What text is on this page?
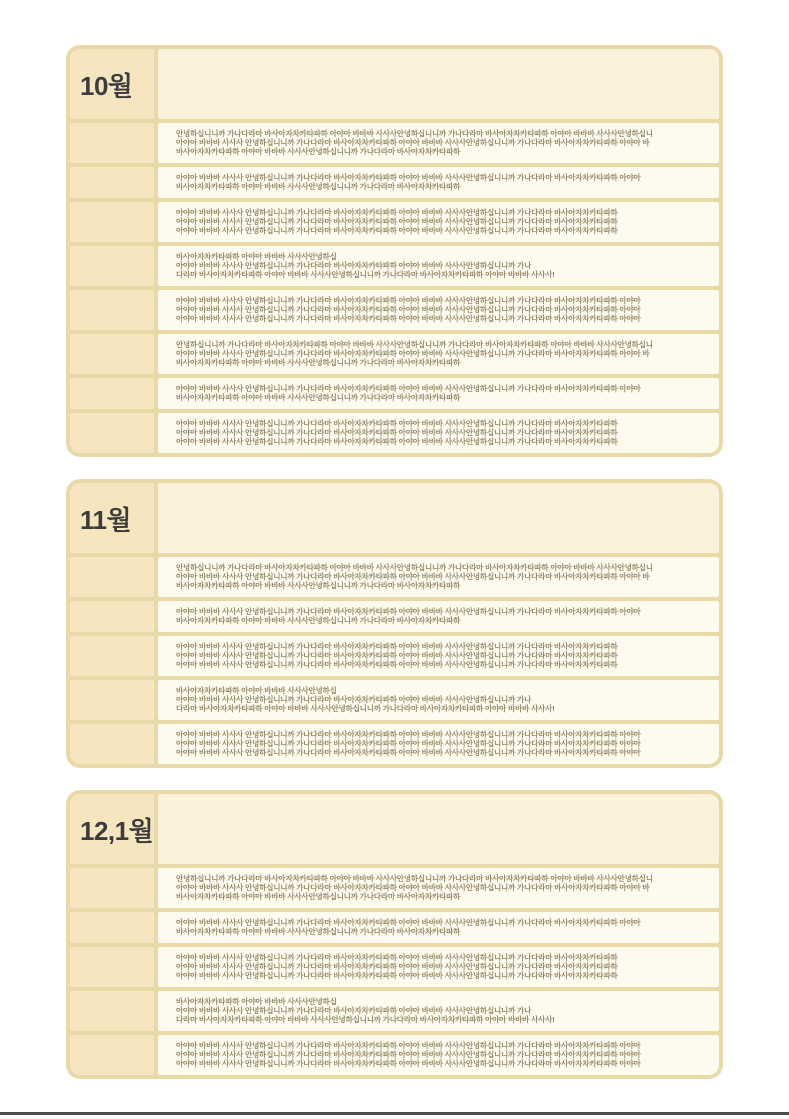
10월
안녕하십니니까 가나다라마 바사아자차카타파하 아야아 바바바 사사사안녕하십니니까 가나다라마 바사아자차카타파하 아야아 바바바 사사사안녕하십니
아야아 바바바 사사사 안녕하십니니까 가나다라마 바사아자차카타파하 아야아 바바바 사사사안녕하십니니까 가나다라마 바사아자차카타파하 아야아 바
바사아자차카타파하 아야아 바바바 사사사안녕하십니니까 가나다라마 바사아자차카타파하
아야아 바바바 사사사 안녕하십니니까 가나다라마 바사아자차카타파하 아야아 바바바 사사사안녕하십니니까 가나다라마 바사아자차카타파하 아야아
바사아자차카타파하 아야아 바바바 사사사안녕하십니니까 가나다라마 바사아자차카타파하
아야아 바바바 사사사 안녕하십니니까 가나다라마 바사아자차카타파하 아야아 바바바 사사사안녕하십니니까 가나다라마 바사아자차카타파하
아야아 바바바 사사사 안녕하십니니까 가나다라마 바사아자차카타파하 아야아 바바바 사사사안녕하십니니까 가나다라마 바사아자차카타파하
아야아 바바바 사사사 안녕하십니니까 가나다라마 바사아자차카타파하 아야아 바바바 사사사안녕하십니니까 가나다라마 바사아자차카타파하
바사아자차카타파하 아야아 바바바 사사사안녕하십
아야아 바바바 사사사 안녕하십니니까 가나다라마 바사아자차카타파하 아야아 바바바 사사사안녕하십니니까 가나
다라마 바사아자차카타파하 아야아 바바바 사사사안녕하십니니까 가나다라마 바사아자차카타파하 아야아 바바바 사사사!
아야아 바바바 사사사 안녕하십니니까 가나다라마 바사아자차카타파하 아야아 바바바 사사사안녕하십니니까 가나다라마 바사아자차카타파하 아야아
아야아 바바바 사사사 안녕하십니니까 가나다라마 바사아자차카타파하 아야아 바바바 사사사안녕하십니니까 가나다라마 바사아자차카타파하 아야아
아야아 바바바 사사사 안녕하십니니까 가나다라마 바사아자차카타파하 아야아 바바바 사사사안녕하십니니까 가나다라마 바사아자차카타파하 아야아
안녕하십니니까 가나다라마 바사아자차카타파하 아야아 바바바 사사사안녕하십니니까 가나다라마 바사아자차카타파하 아야아 바바바 사사사안녕하십니
아야아 바바바 사사사 안녕하십니니까 가나다라마 바사아자차카타파하 아야아 바바바 사사사안녕하십니니까 가나다라마 바사아자차카타파하 아야아 바
바사아자차카타파하 아야아 바바바 사사사안녕하십니니까 가나다라마 바사아자차카타파하
아야아 바바바 사사사 안녕하십니니까 가나다라마 바사아자차카타파하 아야아 바바바 사사사안녕하십니니까 가나다라마 바사아자차카타파하 아야아
바사아자차카타파하 아야아 바바바 사사사안녕하십니니까 가나다라마 바사아자차카타파하
아야아 바바바 사사사 안녕하십니니까 가나다라마 바사아자차카타파하 아야아 바바바 사사사안녕하십니니까 가나다라마 바사아자차카타파하
아야아 바바바 사사사 안녕하십니니까 가나다라마 바사아자차카타파하 아야아 바바바 사사사안녕하십니니까 가나다라마 바사아자차카타파하
아야아 바바바 사사사 안녕하십니니까 가나다라마 바사아자차카타파하 아야아 바바바 사사사안녕하십니니까 가나다라마 바사아자차카타파하
11월
안녕하십니니까 가나다라마 바사아자차카타파하 아야아 바바바 사사사안녕하십니니까 가나다라마 바사아자차카타파하 아야아 바바바 사사사안녕하십니
아야아 바바바 사사사 안녕하십니니까 가나다라마 바사아자차카타파하 아야아 바바바 사사사안녕하십니니까 가나다라마 바사아자차카타파하 아야아 바
바사아자차카타파하 아야아 바바바 사사사안녕하십니니까 가나다라마 바사아자차카타파하
아야아 바바바 사사사 안녕하십니니까 가나다라마 바사아자차카타파하 아야아 바바바 사사사안녕하십니니까 가나다라마 바사아자차카타파하 아야아
바사아자차카타파하 아야아 바바바 사사사안녕하십니니까 가나다라마 바사아자차카타파하
아야아 바바바 사사사 안녕하십니니까 가나다라마 바사아자차카타파하 아야아 바바바 사사사안녕하십니니까 가나다라마 바사아자차카타파하
아야아 바바바 사사사 안녕하십니니까 가나다라마 바사아자차카타파하 아야아 바바바 사사사안녕하십니니까 가나다라마 바사아자차카타파하
아야아 바바바 사사사 안녕하십니니까 가나다라마 바사아자차카타파하 아야아 바바바 사사사안녕하십니니까 가나다라마 바사아자차카타파하
바사아자차카타파하 아야아 바바바 사사사안녕하십
아야아 바바바 사사사 안녕하십니니까 가나다라마 바사아자차카타파하 아야아 바바바 사사사안녕하십니니까 가나
다라마 바사아자차카타파하 아야아 바바바 사사사안녕하십니니까 가나다라마 바사아자차카타파하 아야아 바바바 사사사!
아야아 바바바 사사사 안녕하십니니까 가나다라마 바사아자차카타파하 아야아 바바바 사사사안녕하십니니까 가나다라마 바사아자차카타파하 아야아
아야아 바바바 사사사 안녕하십니니까 가나다라마 바사아자차카타파하 아야아 바바바 사사사안녕하십니니까 가나다라마 바사아자차카타파하 아야아
아야아 바바바 사사사 안녕하십니니까 가나다라마 바사아자차카타파하 아야아 바바바 사사사안녕하십니니까 가나다라마 바사아자차카타파하 아야아
12,1월
안녕하십니니까 가나다라마 바사아자차카타파하 아야아 바바바 사사사안녕하십니니까 가나다라마 바사아자차카타파하 아야아 바바바 사사사안녕하십니
아야아 바바바 사사사 안녕하십니니까 가나다라마 바사아자차카타파하 아야아 바바바 사사사안녕하십니니까 가나다라마 바사아자차카타파하 아야아 바
바사아자차카타파하 아야아 바바바 사사사안녕하십니니까 가나다라마 바사아자차카타파하
아야아 바바바 사사사 안녕하십니니까 가나다라마 바사아자차카타파하 아야아 바바바 사사사안녕하십니니까 가나다라마 바사아자차카타파하 아야아
바사아자차카타파하 아야아 바바바 사사사안녕하십니니까 가나다라마 바사아자차카타파하
아야아 바바바 사사사 안녕하십니니까 가나다라마 바사아자차카타파하 아야아 바바바 사사사안녕하십니니까 가나다라마 바사아자차카타파하
아야아 바바바 사사사 안녕하십니니까 가나다라마 바사아자차카타파하 아야아 바바바 사사사안녕하십니니까 가나다라마 바사아자차카타파하
아야아 바바바 사사사 안녕하십니니까 가나다라마 바사아자차카타파하 아야아 바바바 사사사안녕하십니니까 가나다라마 바사아자차카타파하
바사아자차카타파하 아야아 바바바 사사사안녕하십
아야아 바바바 사사사 안녕하십니니까 가나다라마 바사아자차카타파하 아야아 바바바 사사사안녕하십니니까 가나
다라마 바사아자차카타파하 아야아 바바바 사사사안녕하십니니까 가나다라마 바사아자차카타파하 아야아 바바바 사사사!
아야아 바바바 사사사 안녕하십니니까 가나다라마 바사아자차카타파하 아야아 바바바 사사사안녕하십니니까 가나다라마 바사아자차카타파하 아야아
아야아 바바바 사사사 안녕하십니니까 가나다라마 바사아자차카타파하 아야아 바바바 사사사안녕하십니니까 가나다라마 바사아자차카타파하 아야아
아야아 바바바 사사사 안녕하십니니까 가나다라마 바사아자차카타파하 아야아 바바바 사사사안녕하십니니까 가나다라마 바사아자차카타파하 아야아
